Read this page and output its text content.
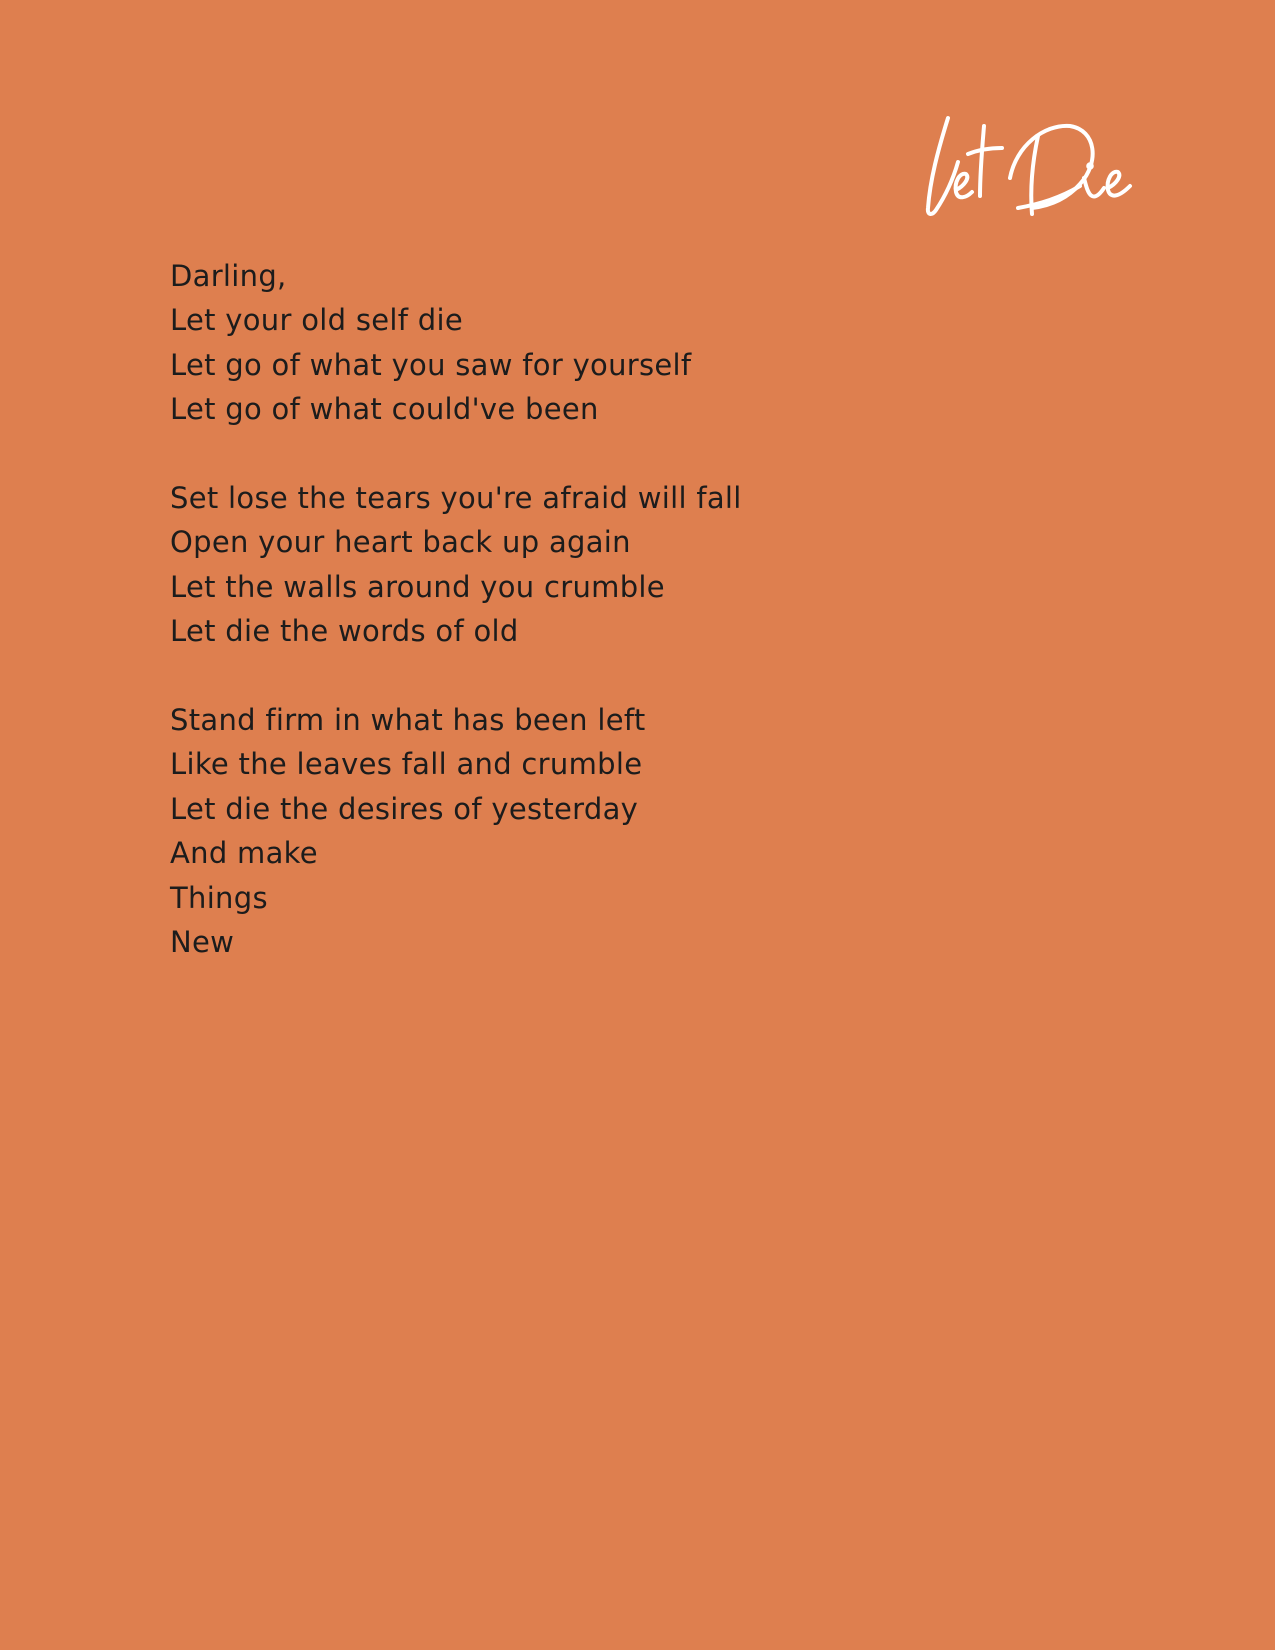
Darling,
Let your old self die
Let go of what you saw for yourself
Let go of what could've been
Set lose the tears you're afraid will fall
Open your heart back up again
Let the walls around you crumble
Let die the words of old
Stand firm in what has been left
Like the leaves fall and crumble
Let die the desires of yesterday
And make
Things
New
